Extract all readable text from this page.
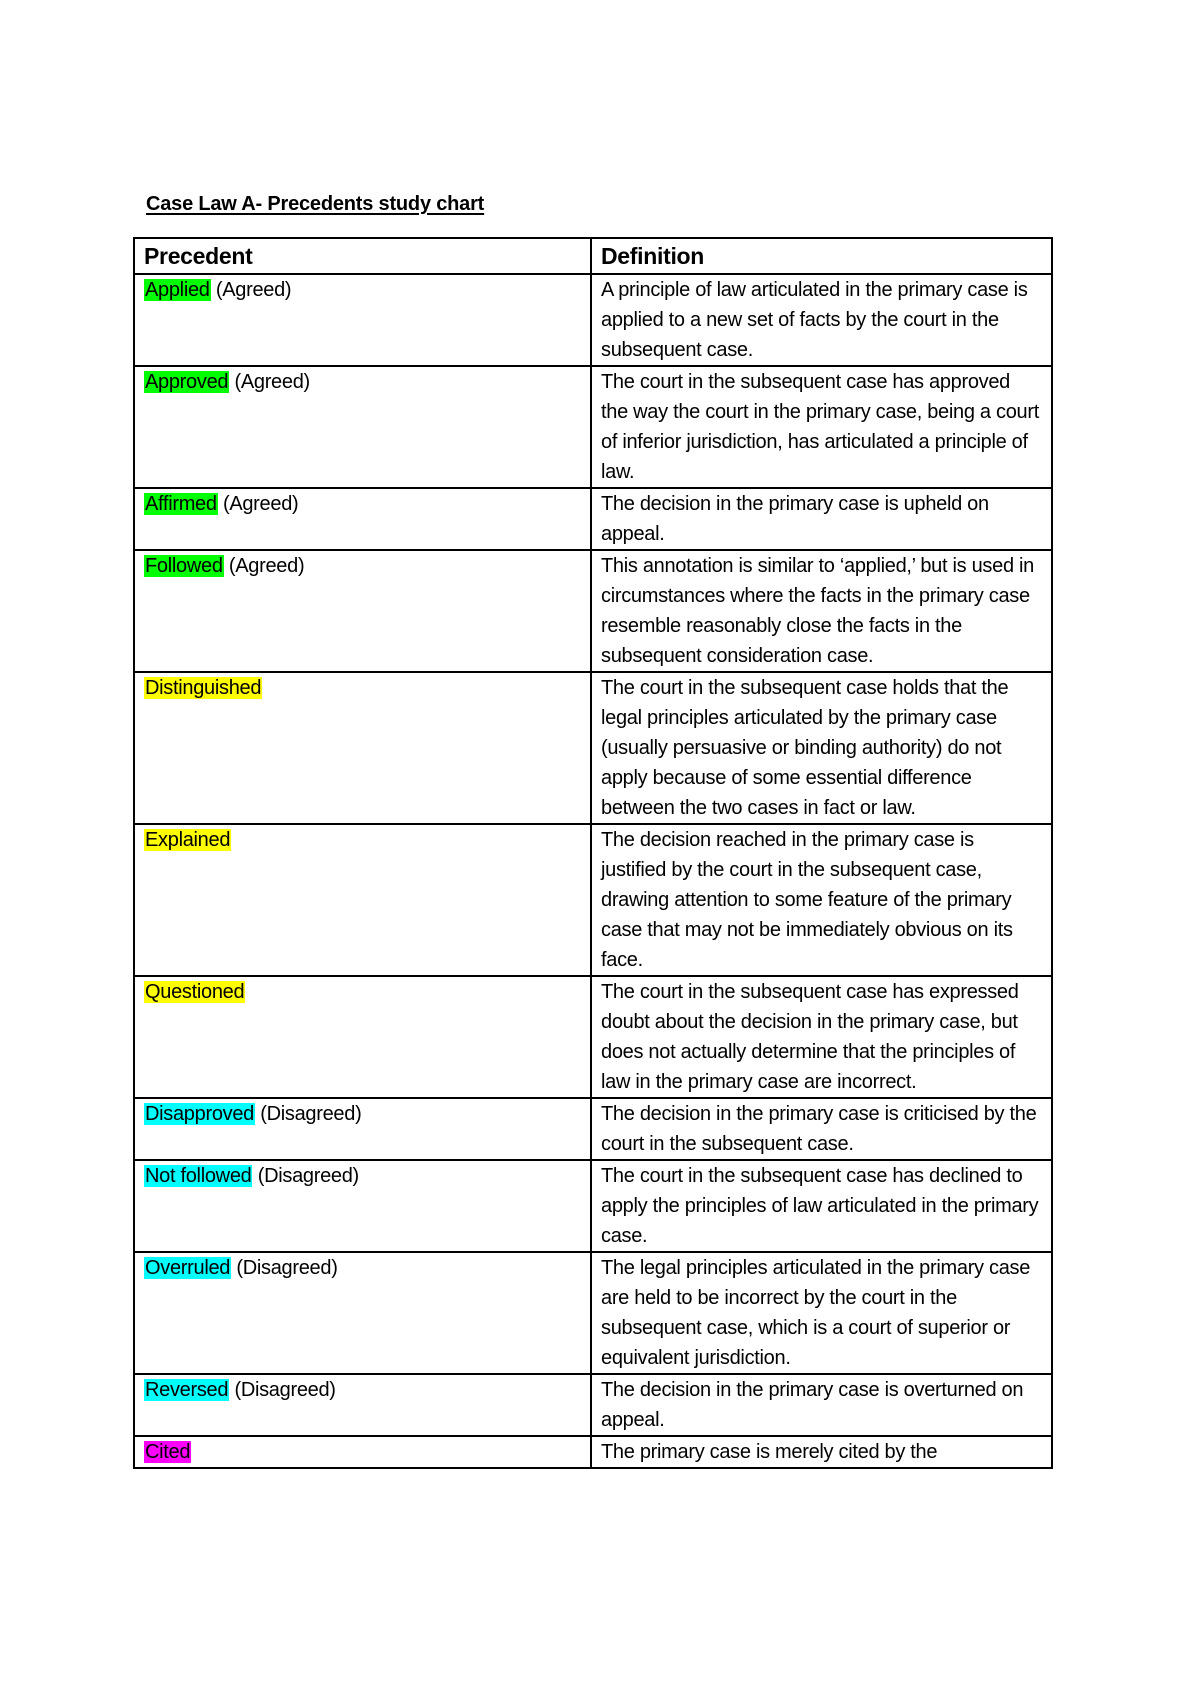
Case Law A- Precedents study chart
Precedent	Definition
Applied (Agreed)	A principle of law articulated in the primary case is applied to a new set of facts by the court in the subsequent case.
Approved (Agreed)	The court in the subsequent case has approved the way the court in the primary case, being a court of inferior jurisdiction, has articulated a principle of law.
Affirmed (Agreed)	The decision in the primary case is upheld on appeal.
Followed (Agreed)	This annotation is similar to ‘applied,’ but is used in circumstances where the facts in the primary case resemble reasonably close the facts in the subsequent consideration case.
Distinguished	The court in the subsequent case holds that the legal principles articulated by the primary case (usually persuasive or binding authority) do not apply because of some essential difference between the two cases in fact or law.
Explained	The decision reached in the primary case is justified by the court in the subsequent case, drawing attention to some feature of the primary case that may not be immediately obvious on its face.
Questioned	The court in the subsequent case has expressed doubt about the decision in the primary case, but does not actually determine that the principles of law in the primary case are incorrect.
Disapproved (Disagreed)	The decision in the primary case is criticised by the court in the subsequent case.
Not followed (Disagreed)	The court in the subsequent case has declined to apply the principles of law articulated in the primary case.
Overruled (Disagreed)	The legal principles articulated in the primary case are held to be incorrect by the court in the subsequent case, which is a court of superior or equivalent jurisdiction.
Reversed (Disagreed)	The decision in the primary case is overturned on appeal.
Cited	The primary case is merely cited by the
